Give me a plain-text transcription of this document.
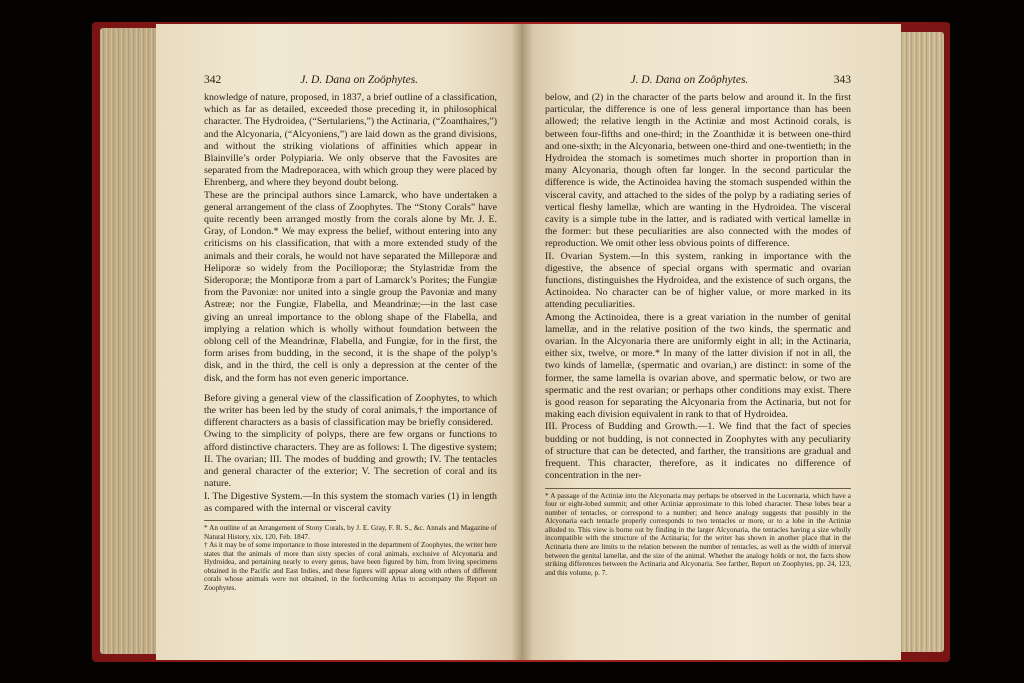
342	J. D. Dana on Zoöphytes.

knowledge of nature, proposed, in 1837, a brief outline of a classification, which as far as detailed, exceeded those preceding it, in philosophical character. The Hydroidea, (“Sertulariens,”) the Actinaria, (“Zoanthaires,”) and the Alcyonaria, (“Alcyoniens,”) are laid down as the grand divisions, and without the striking violations of affinities which appear in Blainville’s order Polypiaria. We only observe that the Favosites are separated from the Madreporacea, with which group they were placed by Ehrenberg, and where they beyond doubt belong.

These are the principal authors since Lamarck, who have undertaken a general arrangement of the class of Zoophytes. The “Stony Corals” have quite recently been arranged mostly from the corals alone by Mr. J. E. Gray, of London.* We may express the belief, without entering into any criticisms on his classification, that with a more extended study of the animals and their corals, he would not have separated the Milleporæ and Heliporæ so widely from the Pocilloporæ; the Stylastridæ from the Sideroporæ; the Montiporæ from a part of Lamarck’s Porites; the Fungiæ from the Pavoniæ: nor united into a single group the Pavoniæ and many Astreæ; nor the Fungiæ, Flabella, and Meandrinæ;—in the last case giving an unreal importance to the oblong shape of the Flabella, and implying a relation which is wholly without foundation between the oblong cell of the Meandrinæ, Flabella, and Fungiæ, for in the first, the form arises from budding, in the second, it is the shape of the polyp’s disk, and in the third, the cell is only a depression at the center of the disk, and the form has not even generic importance.

Before giving a general view of the classification of Zoophytes, to which the writer has been led by the study of coral animals,† the importance of different characters as a basis of classification may be briefly considered.

Owing to the simplicity of polyps, there are few organs or functions to afford distinctive characters. They are as follows: I. The digestive system; II. The ovarian; III. The modes of budding and growth; IV. The tentacles and general character of the exterior; V. The secretion of coral and its nature.

I. The Digestive System.—In this system the stomach varies (1) in length as compared with the internal or visceral cavity

* An outline of an Arrangement of Stony Corals, by J. E. Gray, F. R. S., &c. Annals and Magazine of Natural History, xix, 120, Feb. 1847.

† As it may be of some importance to those interested in the department of Zoophytes, the writer here states that the animals of more than sixty species of coral animals, exclusive of Alcyonaria and Hydroidea, and pertaining nearly to every genus, have been figured by him, from living specimens obtained in the Pacific and East Indies, and these figures will appear along with others of different corals whose animals were not obtained, in the forthcoming Atlas to accompany the Report on Zoophytes.

J. D. Dana on Zoöphytes.	343

below, and (2) in the character of the parts below and around it. In the first particular, the difference is one of less general importance than has been allowed; the relative length in the Actiniæ and most Actinoid corals, is between four-fifths and one-third; in the Zoanthidæ it is between one-third and one-sixth; in the Alcyonaria, between one-third and one-twentieth; in the Hydroidea the stomach is sometimes much shorter in proportion than in many Alcyonaria, though often far longer. In the second particular the difference is wide, the Actinoidea having the stomach suspended within the visceral cavity, and attached to the sides of the polyp by a radiating series of vertical fleshy lamellæ, which are wanting in the Hydroidea. The visceral cavity is a simple tube in the latter, and is radiated with vertical lamellæ in the former: but these peculiarities are also connected with the modes of reproduction. We omit other less obvious points of difference.

II. Ovarian System.—In this system, ranking in importance with the digestive, the absence of special organs with spermatic and ovarian functions, distinguishes the Hydroidea, and the existence of such organs, the Actinoidea. No character can be of higher value, or more marked in its attending peculiarities.

Among the Actinoidea, there is a great variation in the number of genital lamellæ, and in the relative position of the two kinds, the spermatic and ovarian. In the Alcyonaria there are uniformly eight in all; in the Actinaria, either six, twelve, or more.* In many of the latter division if not in all, the two kinds of lamellæ, (spermatic and ovarian,) are distinct: in some of the former, the same lamella is ovarian above, and spermatic below, or two are spermatic and the rest ovarian; or perhaps other conditions may exist. There is good reason for separating the Alcyonaria from the Actinaria, but not for making each division equivalent in rank to that of Hydroidea.

III. Process of Budding and Growth.—1. We find that the fact of species budding or not budding, is not connected in Zoophytes with any peculiarity of structure that can be detected, and farther, the transitions are gradual and frequent. This character, therefore, as it indicates no difference of concentration in the ner-

* A passage of the Actiniæ into the Alcyonaria may perhaps be observed in the Lucernaria, which have a four or eight-lobed summit; and other Actiniæ approximate to this lobed character. These lobes bear a number of tentacles, or correspond to a number; and hence analogy suggests that possibly in the Alcyonaria each tentacle properly corresponds to two tentacles or more, or to a lobe in the Actiniæ alluded to. This view is borne out by finding in the larger Alcyonaria, the tentacles having a size wholly incompatible with the structure of the Actinaria; for the writer has shown in another place that in the Actinaria there are limits to the relation between the number of tentacles, as well as the width of interval between the genital lamellæ, and the size of the animal. Whether the analogy holds or not, the facts show striking differences between the Actinaria and Alcyonaria. See farther, Report on Zoophytes, pp. 24, 123, and this volume, p. 7.
